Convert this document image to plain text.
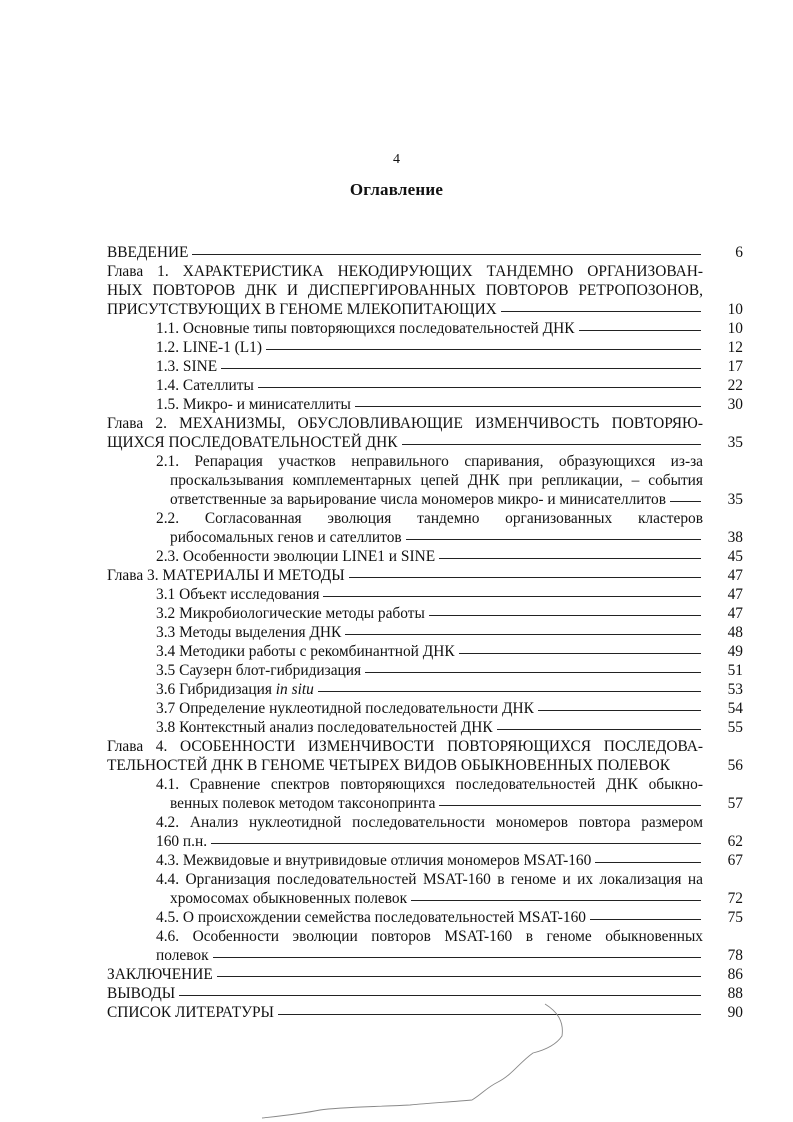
4
Оглавление
ВВЕДЕНИЕ	6
Глава 1. ХАРАКТЕРИСТИКА НЕКОДИРУЮЩИХ ТАНДЕМНО ОРГАНИЗОВАН-
НЫХ ПОВТОРОВ ДНК И ДИСПЕРГИРОВАННЫХ ПОВТОРОВ РЕТРОПОЗОНОВ,
ПРИСУТСТВУЮЩИХ В ГЕНОМЕ МЛЕКОПИТАЮЩИХ	10
1.1. Основные типы повторяющихся последовательностей ДНК	10
1.2. LINE-1 (L1)	12
1.3. SINE	17
1.4. Сателлиты	22
1.5. Микро- и минисателлиты	30
Глава 2. МЕХАНИЗМЫ, ОБУСЛОВЛИВАЮЩИЕ ИЗМЕНЧИВОСТЬ ПОВТОРЯЮ-
ЩИХСЯ ПОСЛЕДОВАТЕЛЬНОСТЕЙ ДНК	35
2.1. Репарация участков неправильного спаривания, образующихся из-за
проскальзывания комплементарных цепей ДНК при репликации, – события
ответственные за варьирование числа мономеров микро- и минисателлитов	35
2.2. Согласованная эволюция тандемно организованных кластеров
рибосомальных генов и сателлитов	38
2.3. Особенности эволюции LINE1 и SINE	45
Глава 3. МАТЕРИАЛЫ И МЕТОДЫ	47
3.1 Объект исследования	47
3.2 Микробиологические методы работы	47
3.3 Методы выделения ДНК	48
3.4 Методики работы с рекомбинантной ДНК	49
3.5 Саузерн блот-гибридизация	51
3.6 Гибридизация in situ	53
3.7 Определение нуклеотидной последовательности ДНК	54
3.8 Контекстный анализ последовательностей ДНК	55
Глава 4. ОСОБЕННОСТИ ИЗМЕНЧИВОСТИ ПОВТОРЯЮЩИХСЯ ПОСЛЕДОВА-
ТЕЛЬНОСТЕЙ ДНК В ГЕНОМЕ ЧЕТЫРЕХ ВИДОВ ОБЫКНОВЕННЫХ ПОЛЕВОК	56
4.1. Сравнение спектров повторяющихся последовательностей ДНК обыкно-
венных полевок методом таксонопринта	57
4.2. Анализ нуклеотидной последовательности мономеров повтора размером
160 п.н.	62
4.3. Межвидовые и внутривидовые отличия мономеров MSAT-160	67
4.4. Организация последовательностей MSAT-160 в геноме и их локализация на
хромосомах обыкновенных полевок	72
4.5. О происхождении семейства последовательностей MSAT-160	75
4.6. Особенности эволюции повторов MSAT-160 в геноме обыкновенных
полевок	78
ЗАКЛЮЧЕНИЕ	86
ВЫВОДЫ	88
СПИСОК ЛИТЕРАТУРЫ	90
